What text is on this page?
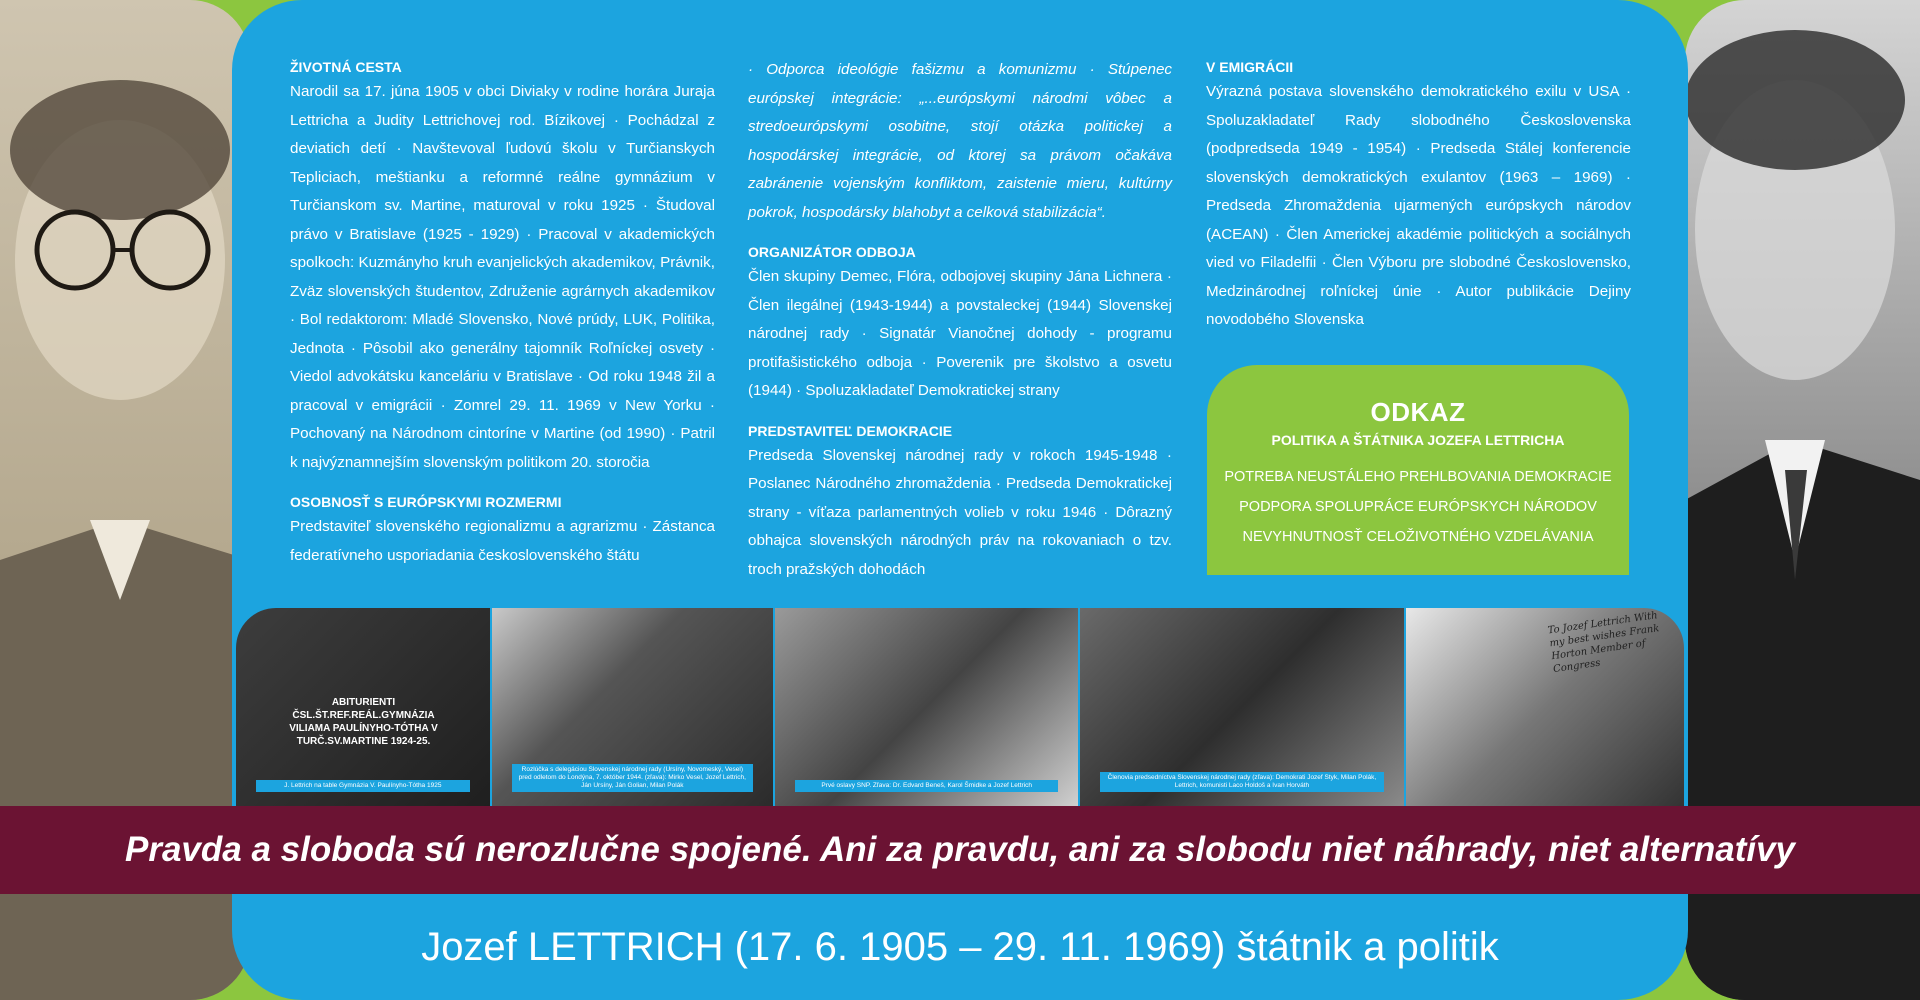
ŽIVOTNÁ CESTA

Narodil sa 17. júna 1905 v obci Diviaky v rodine horára Juraja Lettricha a Judity Lettrichovej rod. Bízikovej · Pochádzal z deviatich detí · Navštevoval ľudovú školu v Turčianskych Tepliciach, meštianku a reformné reálne gymnázium v Turčianskom sv. Martine, maturoval v roku 1925 · Študoval právo v Bratislave (1925 - 1929) · Pracoval v akademických spolkoch: Kuzmányho kruh evanjelických akademikov, Právnik, Zväz slovenských študentov, Združenie agrárnych akademikov · Bol redaktorom: Mladé Slovensko, Nové prúdy, LUK, Politika, Jednota · Pôsobil ako generálny tajomník Roľníckej osvety · Viedol advokátsku kanceláriu v Bratislave · Od roku 1948 žil a pracoval v emigrácii · Zomrel 29. 11. 1969 v New Yorku · Pochovaný na Národnom cintoríne v Martine (od 1990) · Patril k najvýznamnejším slovenským politikom 20. storočia

OSOBNOSŤ S EURÓPSKYMI ROZMERMI

Predstaviteľ slovenského regionalizmu a agrarizmu · Zástanca federatívneho usporiadania československého štátu

· Odporca ideológie fašizmu a komunizmu · Stúpenec európskej integrácie: „...európskymi národmi vôbec a stredoeurópskymi osobitne, stojí otázka politickej a hospodárskej integrácie, od ktorej sa právom očakáva zabránenie vojenským konfliktom, zaistenie mieru, kultúrny pokrok, hospodársky blahobyt a celková stabilizácia“.

ORGANIZÁTOR ODBOJA

Člen skupiny Demec, Flóra, odbojovej skupiny Jána Lichnera · Člen ilegálnej (1943-1944) a povstaleckej (1944) Slovenskej národnej rady · Signatár Vianočnej dohody - programu protifašistického odboja · Poverenik pre školstvo a osvetu (1944) · Spoluzakladateľ Demokratickej strany

PREDSTAVITEĽ DEMOKRACIE

Predseda Slovenskej národnej rady v rokoch 1945-1948 · Poslanec Národného zhromaždenia · Predseda Demokratickej strany - víťaza parlamentných volieb v roku 1946 · Dôrazný obhajca slovenských národných práv na rokovaniach o tzv. troch pražských dohodách

V EMIGRÁCII

Výrazná postava slovenského demokratického exilu v USA · Spoluzakladateľ Rady slobodného Československa (podpredseda 1949 - 1954) · Predseda Stálej konferencie slovenských demokratických exulantov (1963 – 1969) · Predseda Zhromaždenia ujarmených európskych národov (ACEAN) · Člen Americkej akadémie politických a sociálnych vied vo Filadelfii · Člen Výboru pre slobodné Československo, Medzinárodnej roľníckej únie · Autor publikácie Dejiny novodobého Slovenska

ODKAZ
POLITIKA A ŠTÁTNIKA JOZEFA LETTRICHA
POTREBA NEUSTÁLEHO PREHLBOVANIA DEMOKRACIE
PODPORA SPOLUPRÁCE EURÓPSKYCH NÁRODOV
NEVYHNUTNOSŤ CELOŽIVOTNÉHO VZDELÁVANIA
ABITURIENTI ČSL.ŠT.REF.REÁL.GYMNÁZIA VILIAMA PAULÍNYHO-TÓTHA V TURČ.SV.MARTINE 1924-25.
J. Lettrich na table Gymnázia V. Paulínyho-Tótha 1925
Rozlúčka s delegáciou Slovenskej národnej rady (Ursíny, Novomeský, Vesel) pred odletom do Londýna, 7. október 1944. (zľava): Mirko Vesel, Jozef Lettrich, Ján Ursíny, Ján Golian, Milan Polák	Prvé oslavy SNP. Zľava: Dr. Edvard Beneš, Karol Šmidke a Jozef Lettrich
Členovia predsedníctva Slovenskej národnej rady (zľava): Demokrati Jozef Styk, Milan Polák, Lettrich, komunisti Laco Holdoš a Ivan Horváth
To Jozef Lettrich With my best wishes Frank Horton Member of Congress
Pravda a sloboda sú nerozlučne spojené. Ani za pravdu, ani za slobodu niet náhrady, niet alternatívy
Jozef LETTRICH (17. 6. 1905 – 29. 11. 1969) štátnik a politik
